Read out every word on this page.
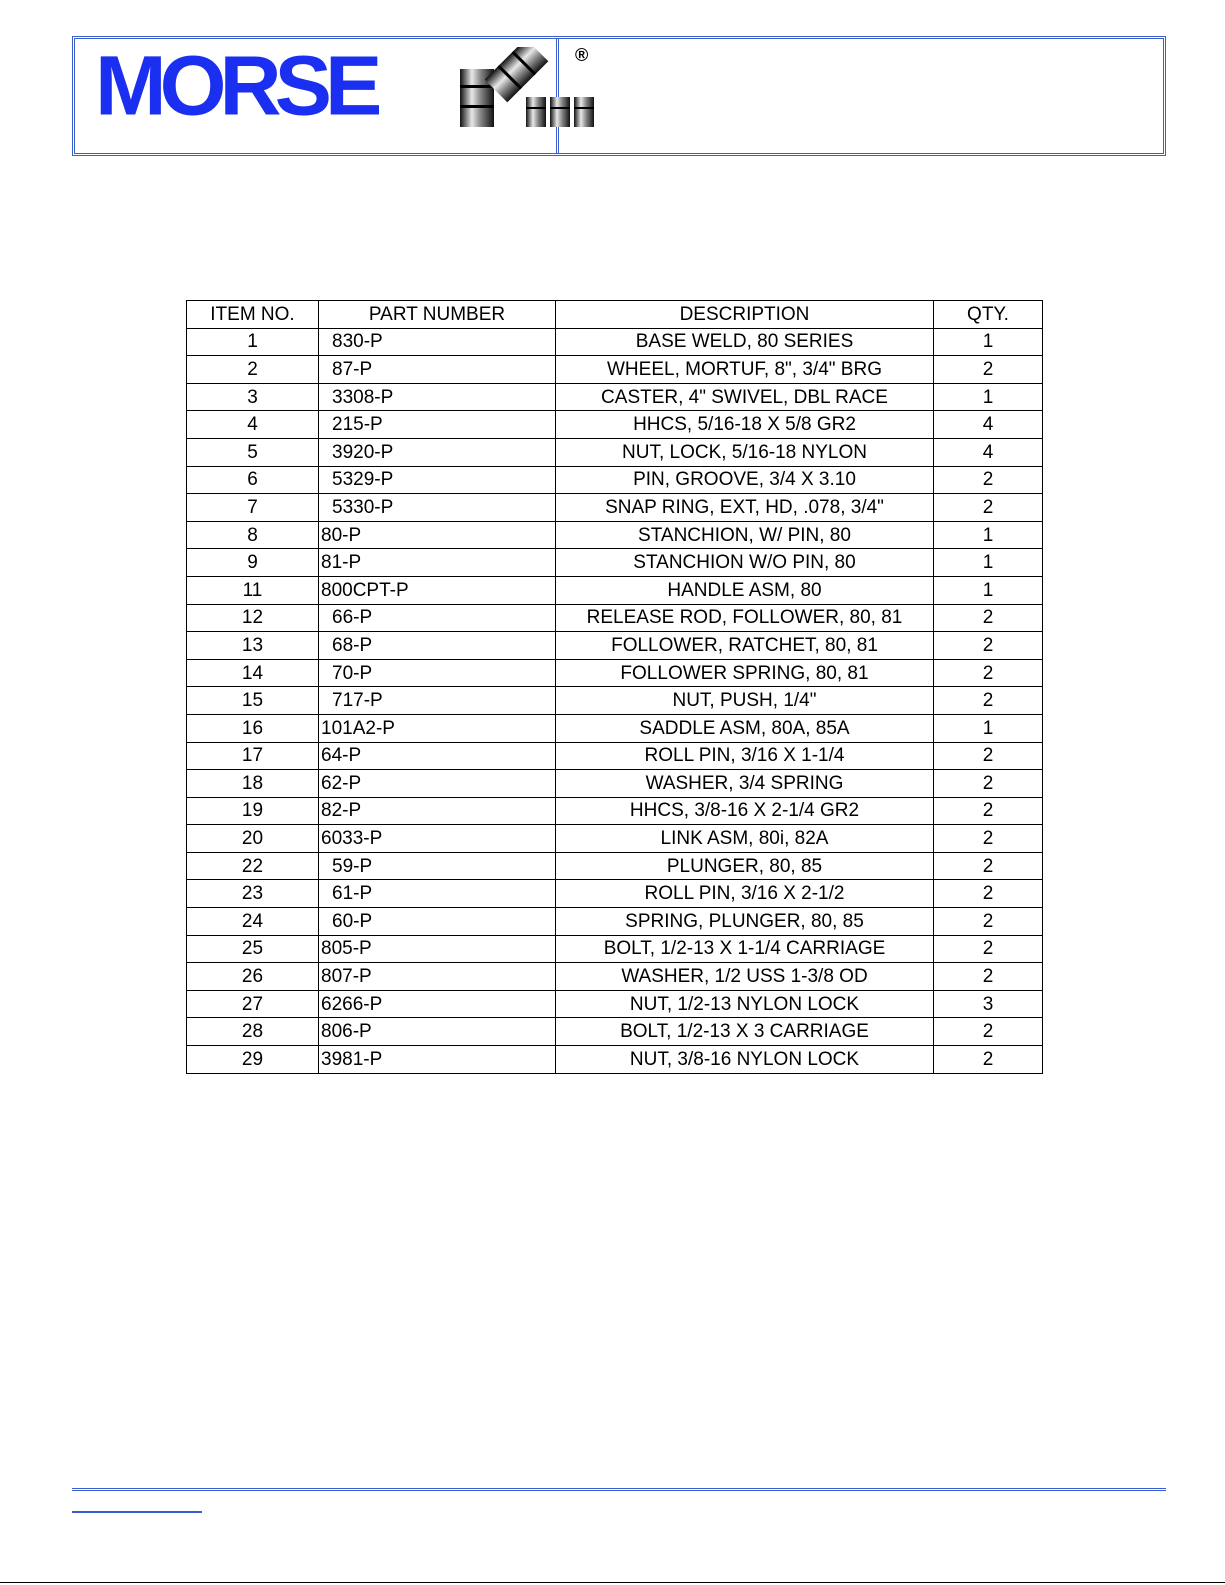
MORSE	®
ITEM NO.	PART NUMBER	DESCRIPTION	QTY.
1	830-P	BASE WELD, 80 SERIES	1
2	87-P	WHEEL, MORTUF, 8", 3/4" BRG	2
3	3308-P	CASTER, 4" SWIVEL, DBL RACE	1
4	215-P	HHCS, 5/16-18 X 5/8 GR2	4
5	3920-P	NUT, LOCK, 5/16-18 NYLON	4
6	5329-P	PIN, GROOVE, 3/4 X 3.10	2
7	5330-P	SNAP RING, EXT, HD, .078, 3/4"	2
8	80-P	STANCHION, W/ PIN, 80	1
9	81-P	STANCHION W/O PIN, 80	1
11	800CPT-P	HANDLE ASM, 80	1
12	66-P	RELEASE ROD, FOLLOWER, 80, 81	2
13	68-P	FOLLOWER, RATCHET, 80, 81	2
14	70-P	FOLLOWER SPRING, 80, 81	2
15	717-P	NUT, PUSH, 1/4"	2
16	101A2-P	SADDLE ASM, 80A, 85A	1
17	64-P	ROLL PIN, 3/16 X 1-1/4	2
18	62-P	WASHER, 3/4 SPRING	2
19	82-P	HHCS, 3/8-16 X 2-1/4 GR2	2
20	6033-P	LINK ASM, 80i, 82A	2
22	59-P	PLUNGER, 80, 85	2
23	61-P	ROLL PIN, 3/16 X 2-1/2	2
24	60-P	SPRING, PLUNGER, 80, 85	2
25	805-P	BOLT, 1/2-13 X 1-1/4 CARRIAGE	2
26	807-P	WASHER, 1/2 USS 1-3/8 OD	2
27	6266-P	NUT, 1/2-13 NYLON LOCK	3
28	806-P	BOLT, 1/2-13 X 3 CARRIAGE	2
29	3981-P	NUT, 3/8-16 NYLON LOCK	2
